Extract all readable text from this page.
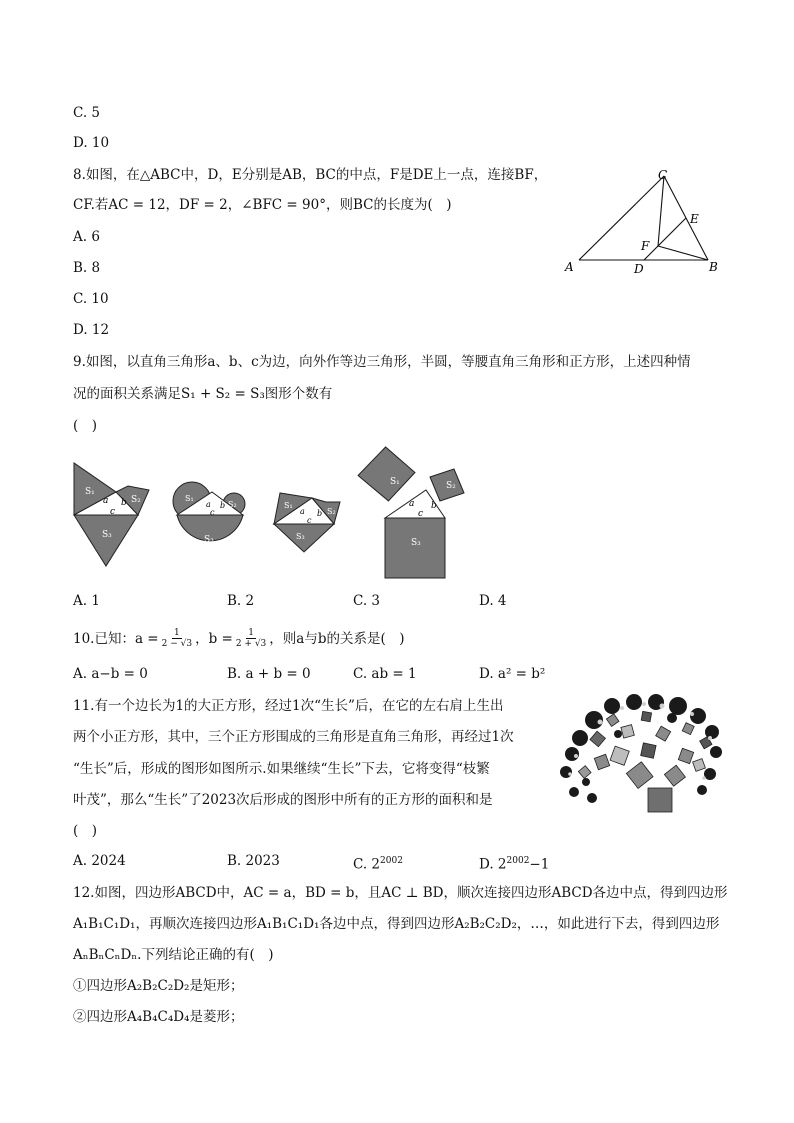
C. 5
D. 10
8.如图，在△ABC中，D，E分别是AB，BC的中点，F是DE上一点，连接BF，
CF.若AC = 12，DF = 2，∠BFC = 90°，则BC的长度为(　)
A. 6
B. 8
C. 10
D. 12
C
A	B
D
E
F
9.如图，以直角三角形a、b、c为边，向外作等边三角形，半圆，等腰直角三角形和正方形，上述四种情
况的面积关系满足S₁ + S₂ = S₃图形个数有
(　)
S₁
S₂
S₃
a b
c
S₁
S₂
S₃
a b
c
S₁
S₂
S₃
a b
c
S₁	S₂
S₃
a b
c
A. 1	B. 2	C. 3	D. 4
10.已知：$a = \frac{1}{2 - √3}$ ，$b = \frac{1}{2 + √3}$ ，则a与b的关系是(　)
A. a−b = 0	B. a + b = 0	C. ab = 1	D. a² = b²
11.有一个边长为1的大正方形，经过1次“生长”后，在它的左右肩上生出
两个小正方形，其中，三个正方形围成的三角形是直角三角形，再经过1次
“生长”后，形成的图形如图所示.如果继续“生长”下去，它将变得“枝繁
叶茂”，那么“生长”了2023次后形成的图形中所有的正方形的面积和是
(　)
A. 2024	B. 2023	C. $2^{2002}$	D. $2^{2002}-1$
12.如图，四边形ABCD中，AC = a，BD = b，且AC ⊥ BD，顺次连接四边形ABCD各边中点，得到四边形
A₁B₁C₁D₁，再顺次连接四边形A₁B₁C₁D₁各边中点，得到四边形A₂B₂C₂D₂，…，如此进行下去，得到四边形
AₙBₙCₙDₙ.下列结论正确的有(　)
①四边形A₂B₂C₂D₂是矩形；
②四边形A₄B₄C₄D₄是菱形；
